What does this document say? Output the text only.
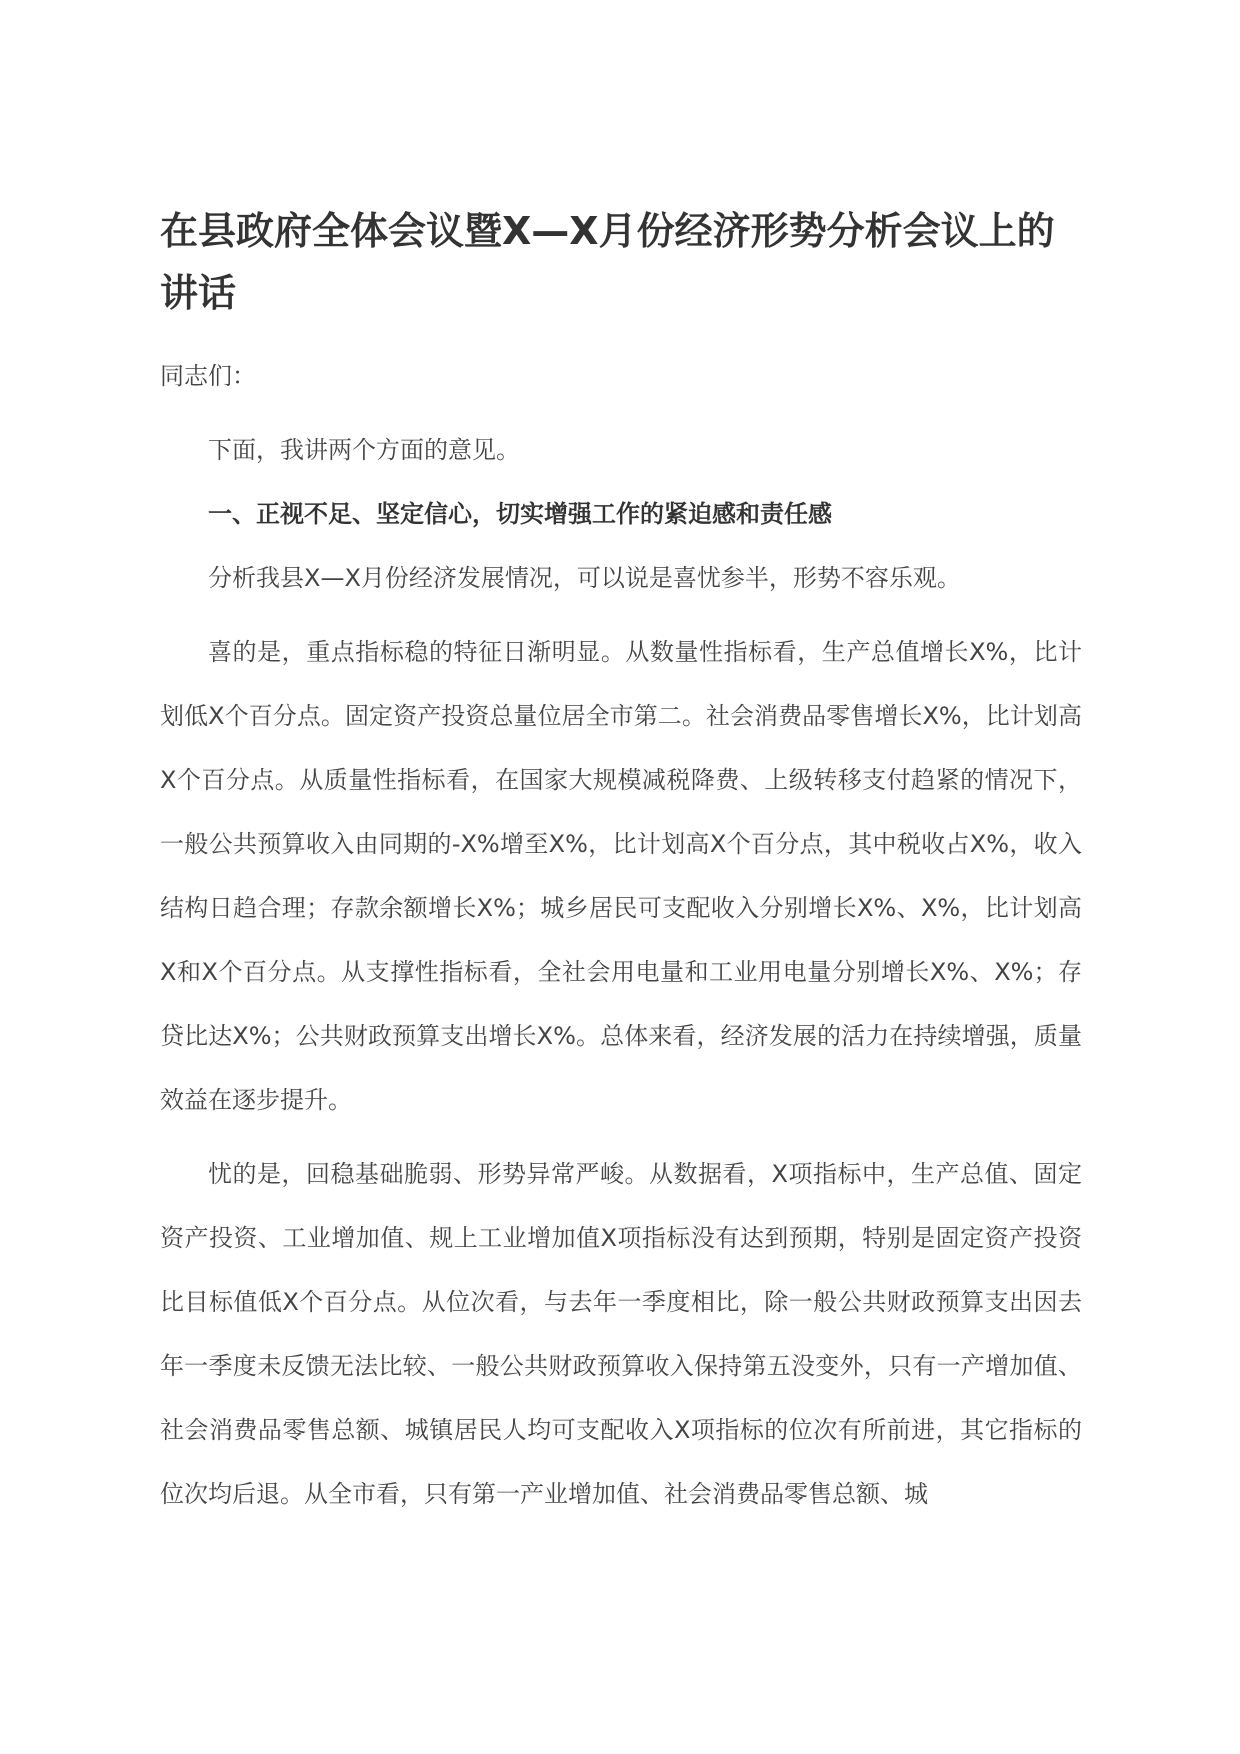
在县政府全体会议暨X—X月份经济形势分析会议上的讲话

同志们：

下面，我讲两个方面的意见。

一、正视不足、坚定信心，切实增强工作的紧迫感和责任感

分析我县X—X月份经济发展情况，可以说是喜忧参半，形势不容乐观。

喜的是，重点指标稳的特征日渐明显。从数量性指标看，生产总值增长X%，比计划低X个百分点。固定资产投资总量位居全市第二。社会消费品零售增长X%，比计划高X个百分点。从质量性指标看，在国家大规模减税降费、上级转移支付趋紧的情况下，一般公共预算收入由同期的-X%增至X%，比计划高X个百分点，其中税收占X%，收入结构日趋合理；存款余额增长X%；城乡居民可支配收入分别增长X%、X%，比计划高X和X个百分点。从支撑性指标看，全社会用电量和工业用电量分别增长X%、X%；存贷比达X%；公共财政预算支出增长X%。总体来看，经济发展的活力在持续增强，质量效益在逐步提升。

忧的是，回稳基础脆弱、形势异常严峻。从数据看，X项指标中，生产总值、固定资产投资、工业增加值、规上工业增加值X项指标没有达到预期，特别是固定资产投资比目标值低X个百分点。从位次看，与去年一季度相比，除一般公共财政预算支出因去年一季度未反馈无法比较、一般公共财政预算收入保持第五没变外，只有一产增加值、社会消费品零售总额、城镇居民人均可支配收入X项指标的位次有所前进，其它指标的位次均后退。从全市看，只有第一产业增加值、社会消费品零售总额、城
